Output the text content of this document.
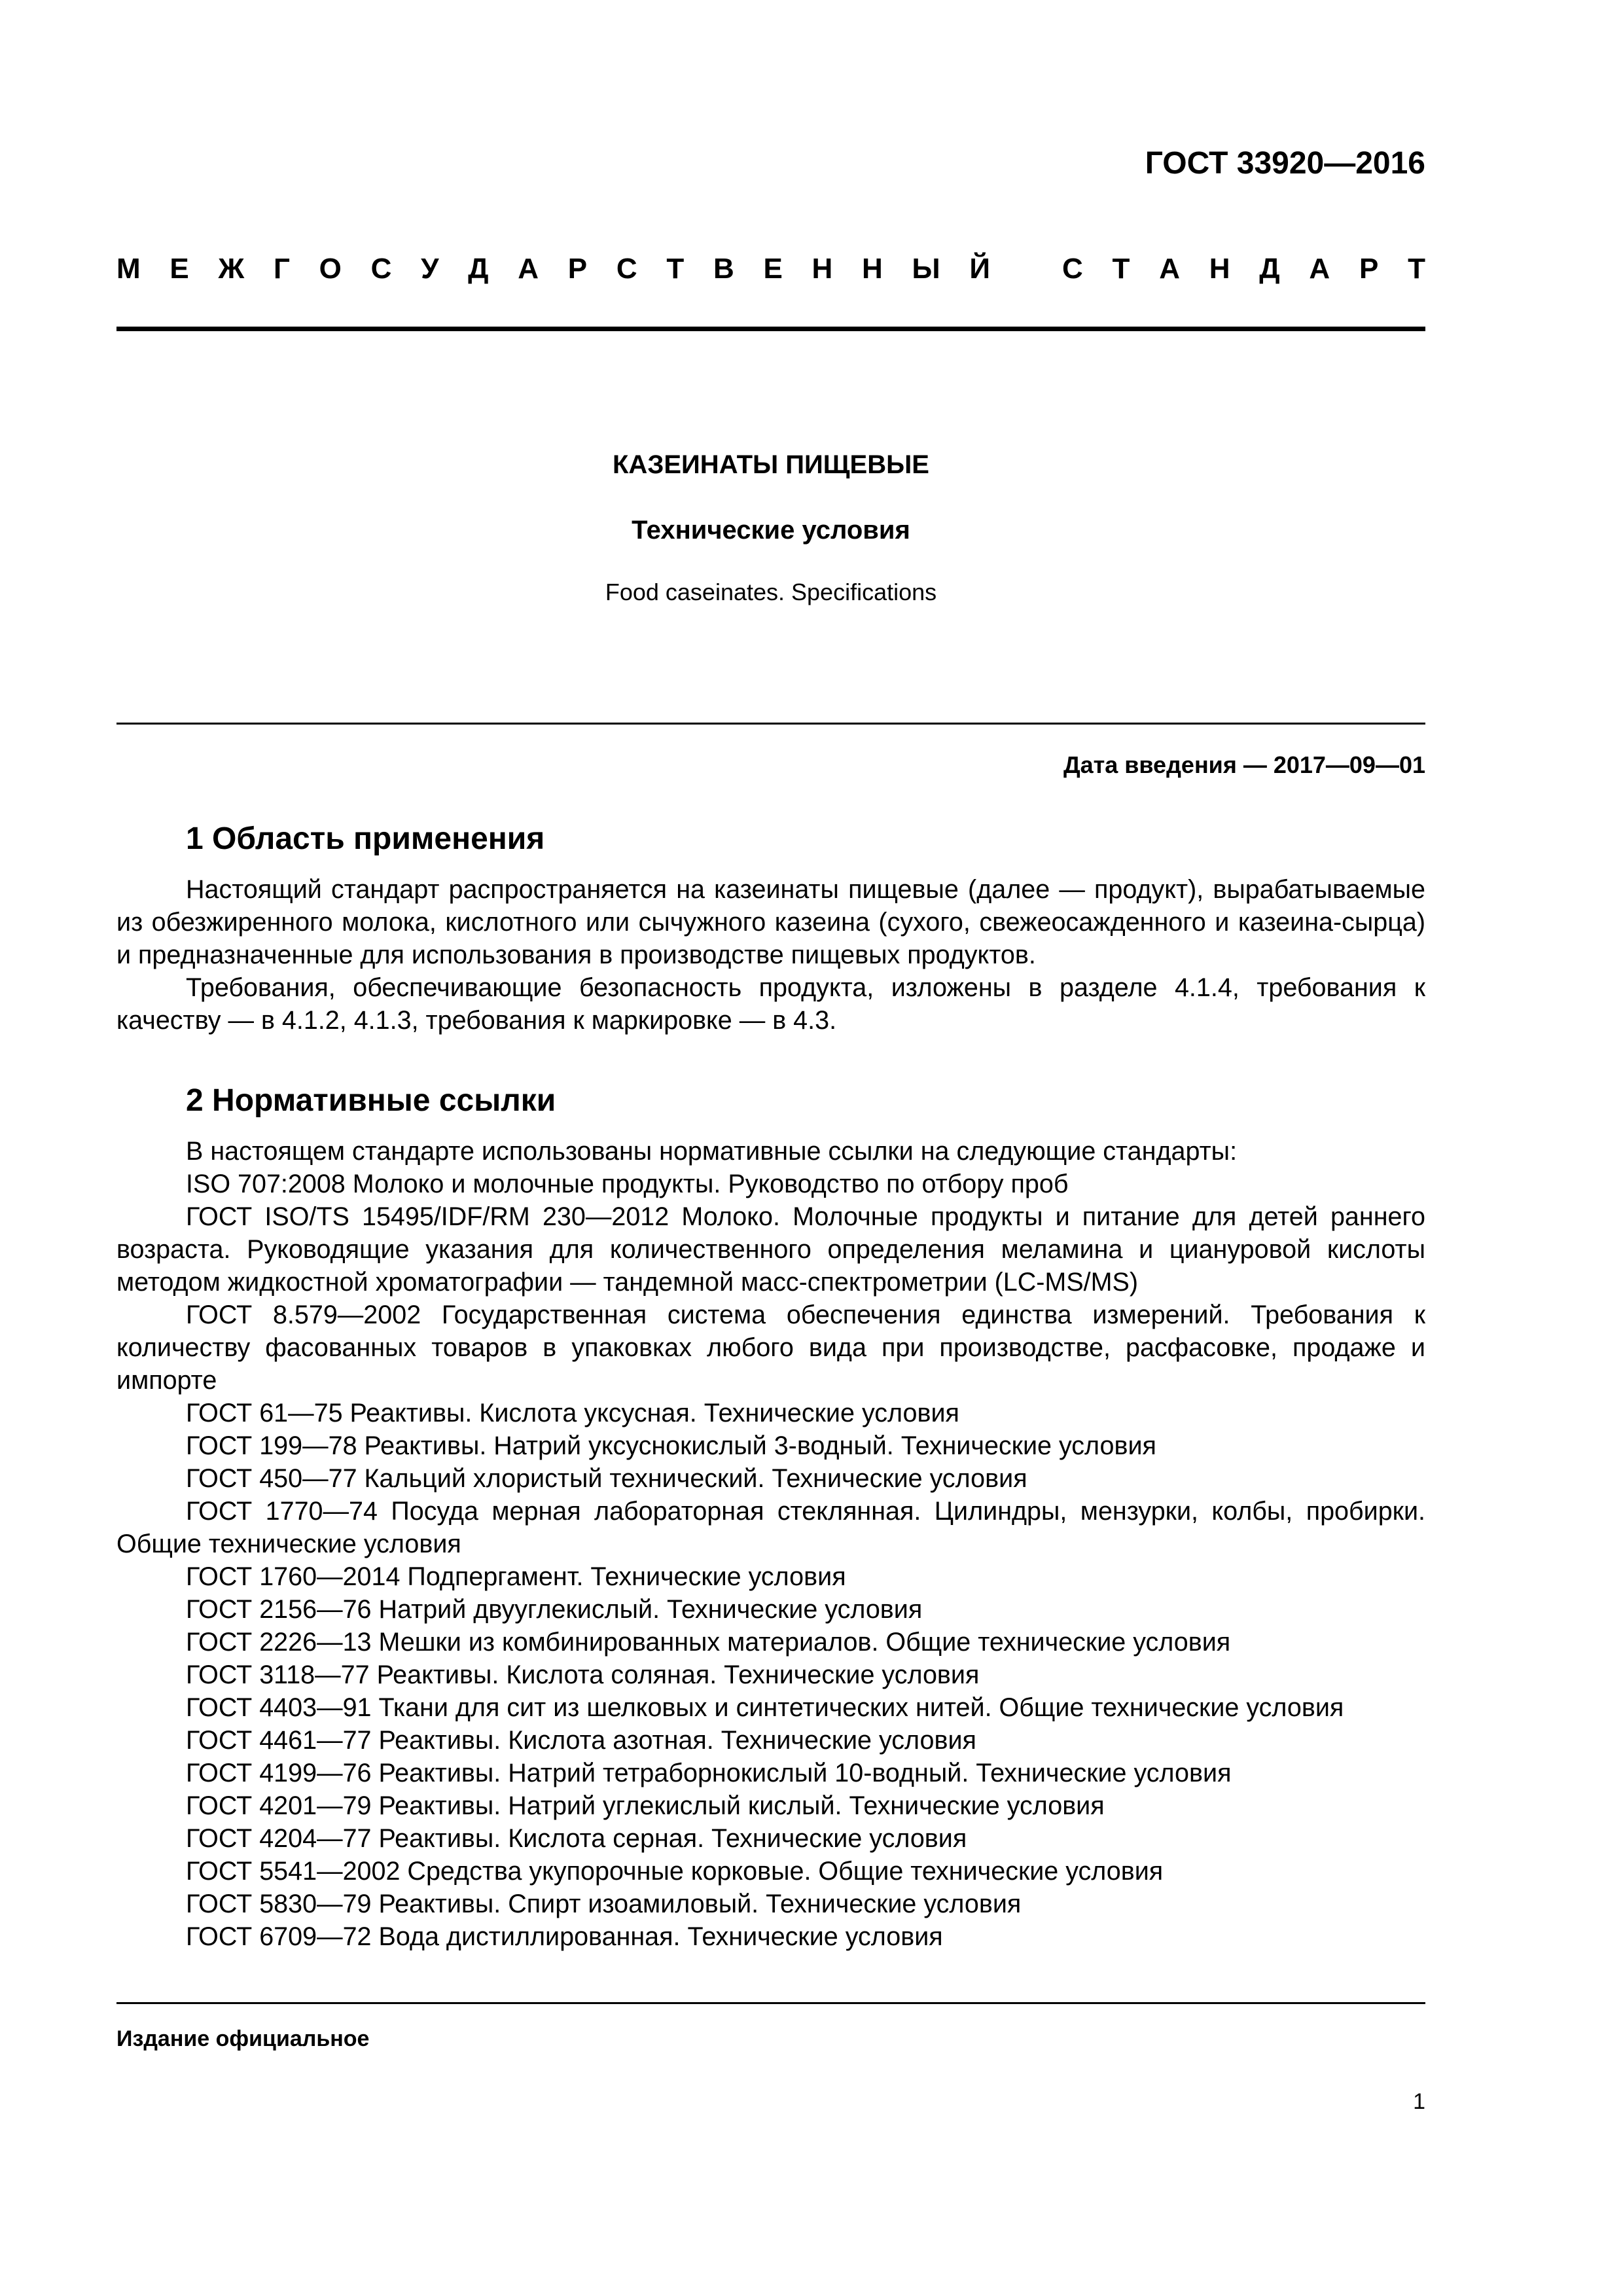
ГОСТ 33920—2016
М Е Ж Г О С У Д А Р С Т В Е Н Н Ы Й	С Т А Н Д А Р Т
КАЗЕИНАТЫ ПИЩЕВЫЕ
Технические условия
Food caseinates. Specifications
Дата введения — 2017—09—01
1 Область применения

Настоящий стандарт распространяется на казеинаты пищевые (далее — продукт), вырабатываемые из обезжиренного молока, кислотного или сычужного казеина (сухого, свежеосажденного и казеина-сырца) и предназначенные для использования в производстве пищевых продуктов.

Требования, обеспечивающие безопасность продукта, изложены в разделе 4.1.4, требования к качеству — в 4.1.2, 4.1.3, требования к маркировке — в 4.3.

2 Нормативные ссылки

В настоящем стандарте использованы нормативные ссылки на следующие стандарты:

ISO 707:2008 Молоко и молочные продукты. Руководство по отбору проб

ГОСТ ISO/TS 15495/IDF/RM 230—2012 Молоко. Молочные продукты и питание для детей раннего возраста. Руководящие указания для количественного определения меламина и циануровой кислоты методом жидкостной хроматографии — тандемной масс-спектрометрии (LC-MS/MS)

ГОСТ 8.579—2002 Государственная система обеспечения единства измерений. Требования к количеству фасованных товаров в упаковках любого вида при производстве, расфасовке, продаже и импорте

ГОСТ 61—75 Реактивы. Кислота уксусная. Технические условия

ГОСТ 199—78 Реактивы. Натрий уксуснокислый 3-водный. Технические условия

ГОСТ 450—77 Кальций хлористый технический. Технические условия

ГОСТ 1770—74 Посуда мерная лабораторная стеклянная. Цилиндры, мензурки, колбы, пробирки. Общие технические условия

ГОСТ 1760—2014 Подпергамент. Технические условия

ГОСТ 2156—76 Натрий двууглекислый. Технические условия

ГОСТ 2226—13 Мешки из комбинированных материалов. Общие технические условия

ГОСТ 3118—77 Реактивы. Кислота соляная. Технические условия

ГОСТ 4403—91 Ткани для сит из шелковых и синтетических нитей. Общие технические условия

ГОСТ 4461—77 Реактивы. Кислота азотная. Технические условия

ГОСТ 4199—76 Реактивы. Натрий тетраборнокислый 10-водный. Технические условия

ГОСТ 4201—79 Реактивы. Натрий углекислый кислый. Технические условия

ГОСТ 4204—77 Реактивы. Кислота серная. Технические условия

ГОСТ 5541—2002 Средства укупорочные корковые. Общие технические условия

ГОСТ 5830—79 Реактивы. Спирт изоамиловый. Технические условия

ГОСТ 6709—72 Вода дистиллированная. Технические условия

Издание официальное
1
